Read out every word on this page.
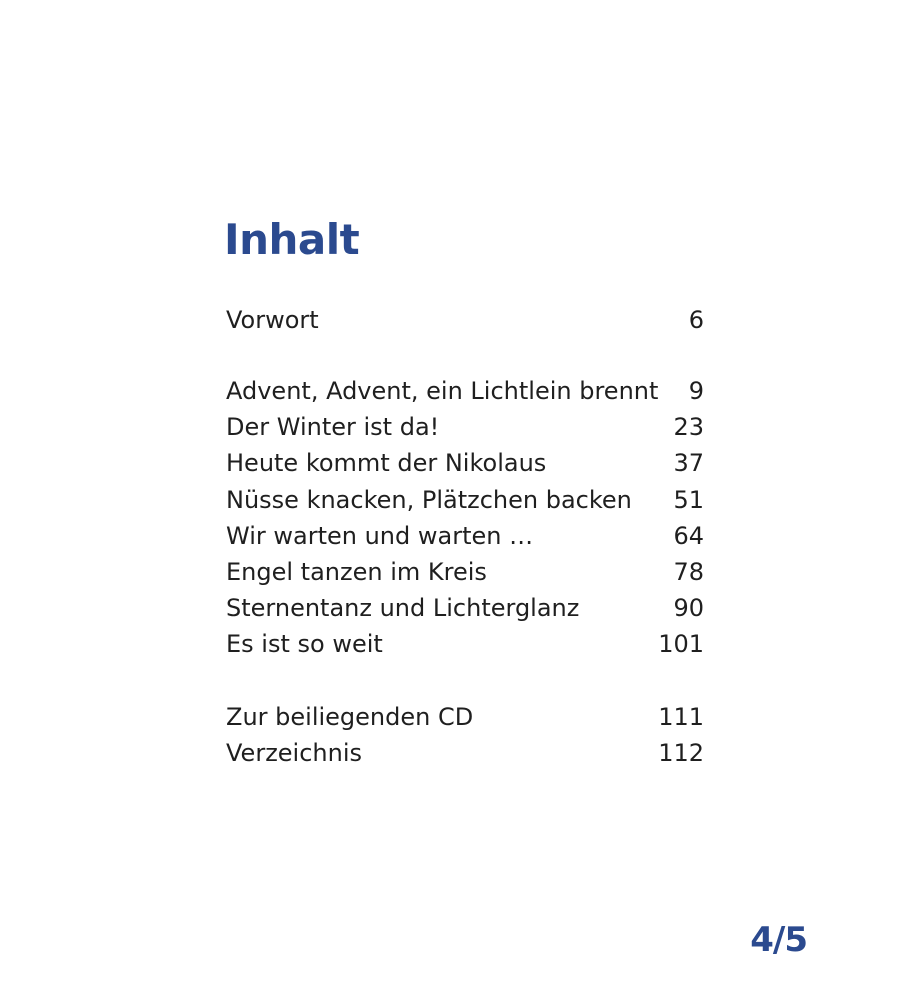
Inhalt
Vorwort	6
Advent, Advent, ein Lichtlein brennt 9
Der Winter ist da!	23
Heute kommt der Nikolaus	37
Nüsse knacken, Plätzchen backen 51
Wir warten und warten …	64
Engel tanzen im Kreis	78
Sternentanz und Lichterglanz	90
Es ist so weit	101
Zur beiliegenden CD	111
Verzeichnis	112
4/5
